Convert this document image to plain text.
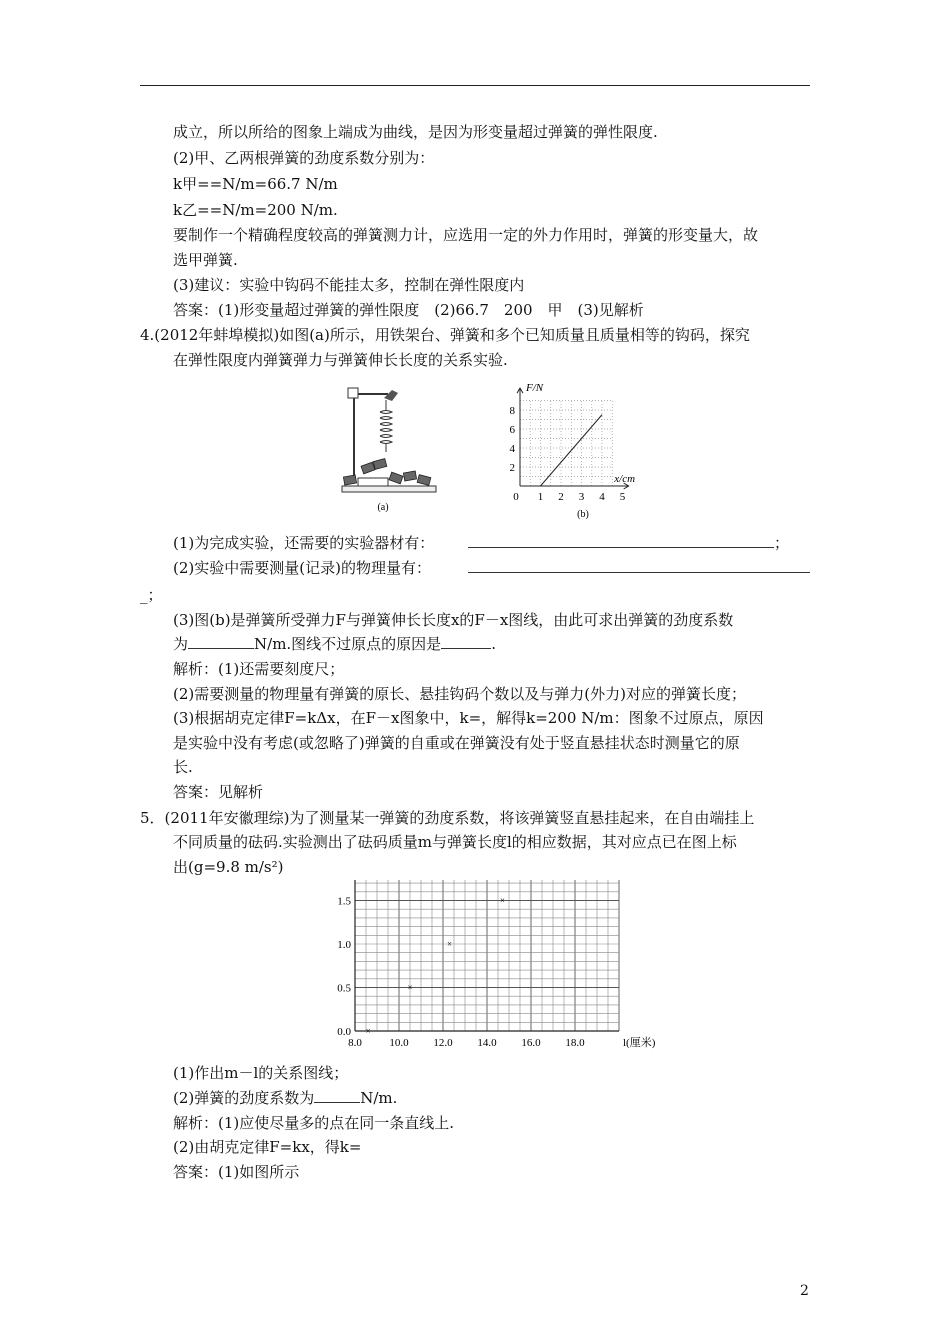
成立，所以所给的图象上端成为曲线，是因为形变量超过弹簧的弹性限度.
(2)甲、乙两根弹簧的劲度系数分别为：
k甲==N/m=66.7 N/m
k乙==N/m=200 N/m.
要制作一个精确程度较高的弹簧测力计，应选用一定的外力作用时，弹簧的形变量大，故
选甲弹簧.
(3)建议：实验中钩码不能挂太多，控制在弹性限度内
答案：(1)形变量超过弹簧的弹性限度　(2)66.7　200　甲　(3)见解析
4.(2012年蚌埠模拟)如图(a)所示，用铁架台、弹簧和多个已知质量且质量相等的钩码，探究
在弹性限度内弹簧弹力与弹簧伸长长度的关系实验.
(a)
0 1 2 3 4 5
2
4
6
8
F/N
x/cm
(b)
(1)为完成实验，还需要的实验器材有：	；
(2)实验中需要测量(记录)的物理量有：
_；
(3)图(b)是弹簧所受弹力F与弹簧伸长长度x的F－x图线，由此可求出弹簧的劲度系数
为	N/m.图线不过原点的原因是	.
解析：(1)还需要刻度尺；
(2)需要测量的物理量有弹簧的原长、悬挂钩码个数以及与弹力(外力)对应的弹簧长度；
(3)根据胡克定律F=kΔx，在F－x图象中，k=，解得k=200 N/m：图象不过原点，原因
是实验中没有考虑(或忽略了)弹簧的自重或在弹簧没有处于竖直悬挂状态时测量它的原
长.
答案：见解析
5．(2011年安徽理综)为了测量某一弹簧的劲度系数，将该弹簧竖直悬挂起来，在自由端挂上
不同质量的砝码.实验测出了砝码质量m与弹簧长度l的相应数据，其对应点已在图上标
出(g=9.8 m/s²)
8.0	10.0 12.0 14.0 16.0 18.0
0.0
0.5
1.0
1.5
l(厘米)
×
×
×
×
(1)作出m－l的关系图线；
(2)弹簧的劲度系数为	N/m.
解析：(1)应使尽量多的点在同一条直线上.
(2)由胡克定律F=kx，得k=
答案：(1)如图所示
2
